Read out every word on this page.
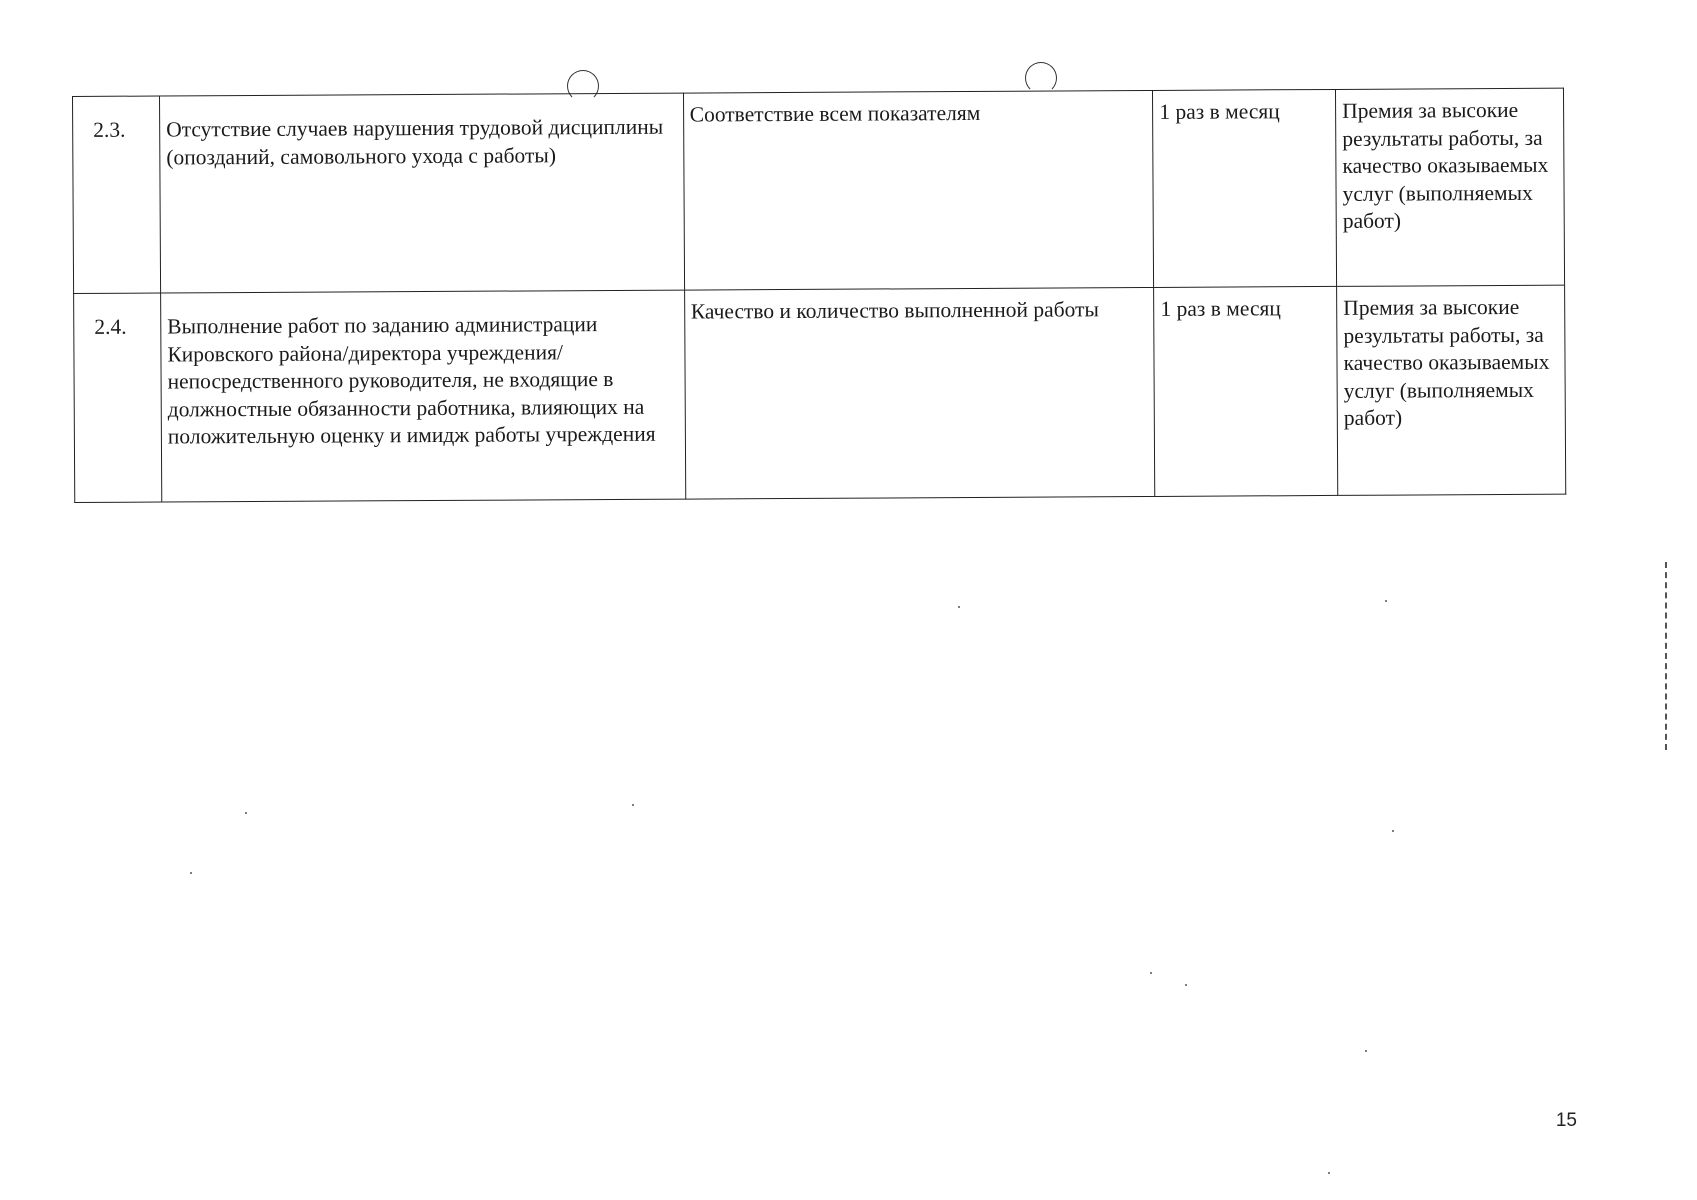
2.3.	Отсутствие случаев нарушения трудовой дисциплины (опозданий, самовольного ухода с работы)	Соответствие всем показателям	1 раз в месяц	Премия за высокие результаты работы, за качество оказываемых услуг (выполняемых работ)
2.4.	Выполнение работ по заданию администрации Кировского района/директора учреждения/непосредственного руководителя, не входящие в должностные обязанности работника, влияющих на положительную оценку и имидж работы учреждения	Качество и количество выполненной работы	1 раз в месяц	Премия за высокие результаты работы, за качество оказываемых услуг (выполняемых работ)
15
